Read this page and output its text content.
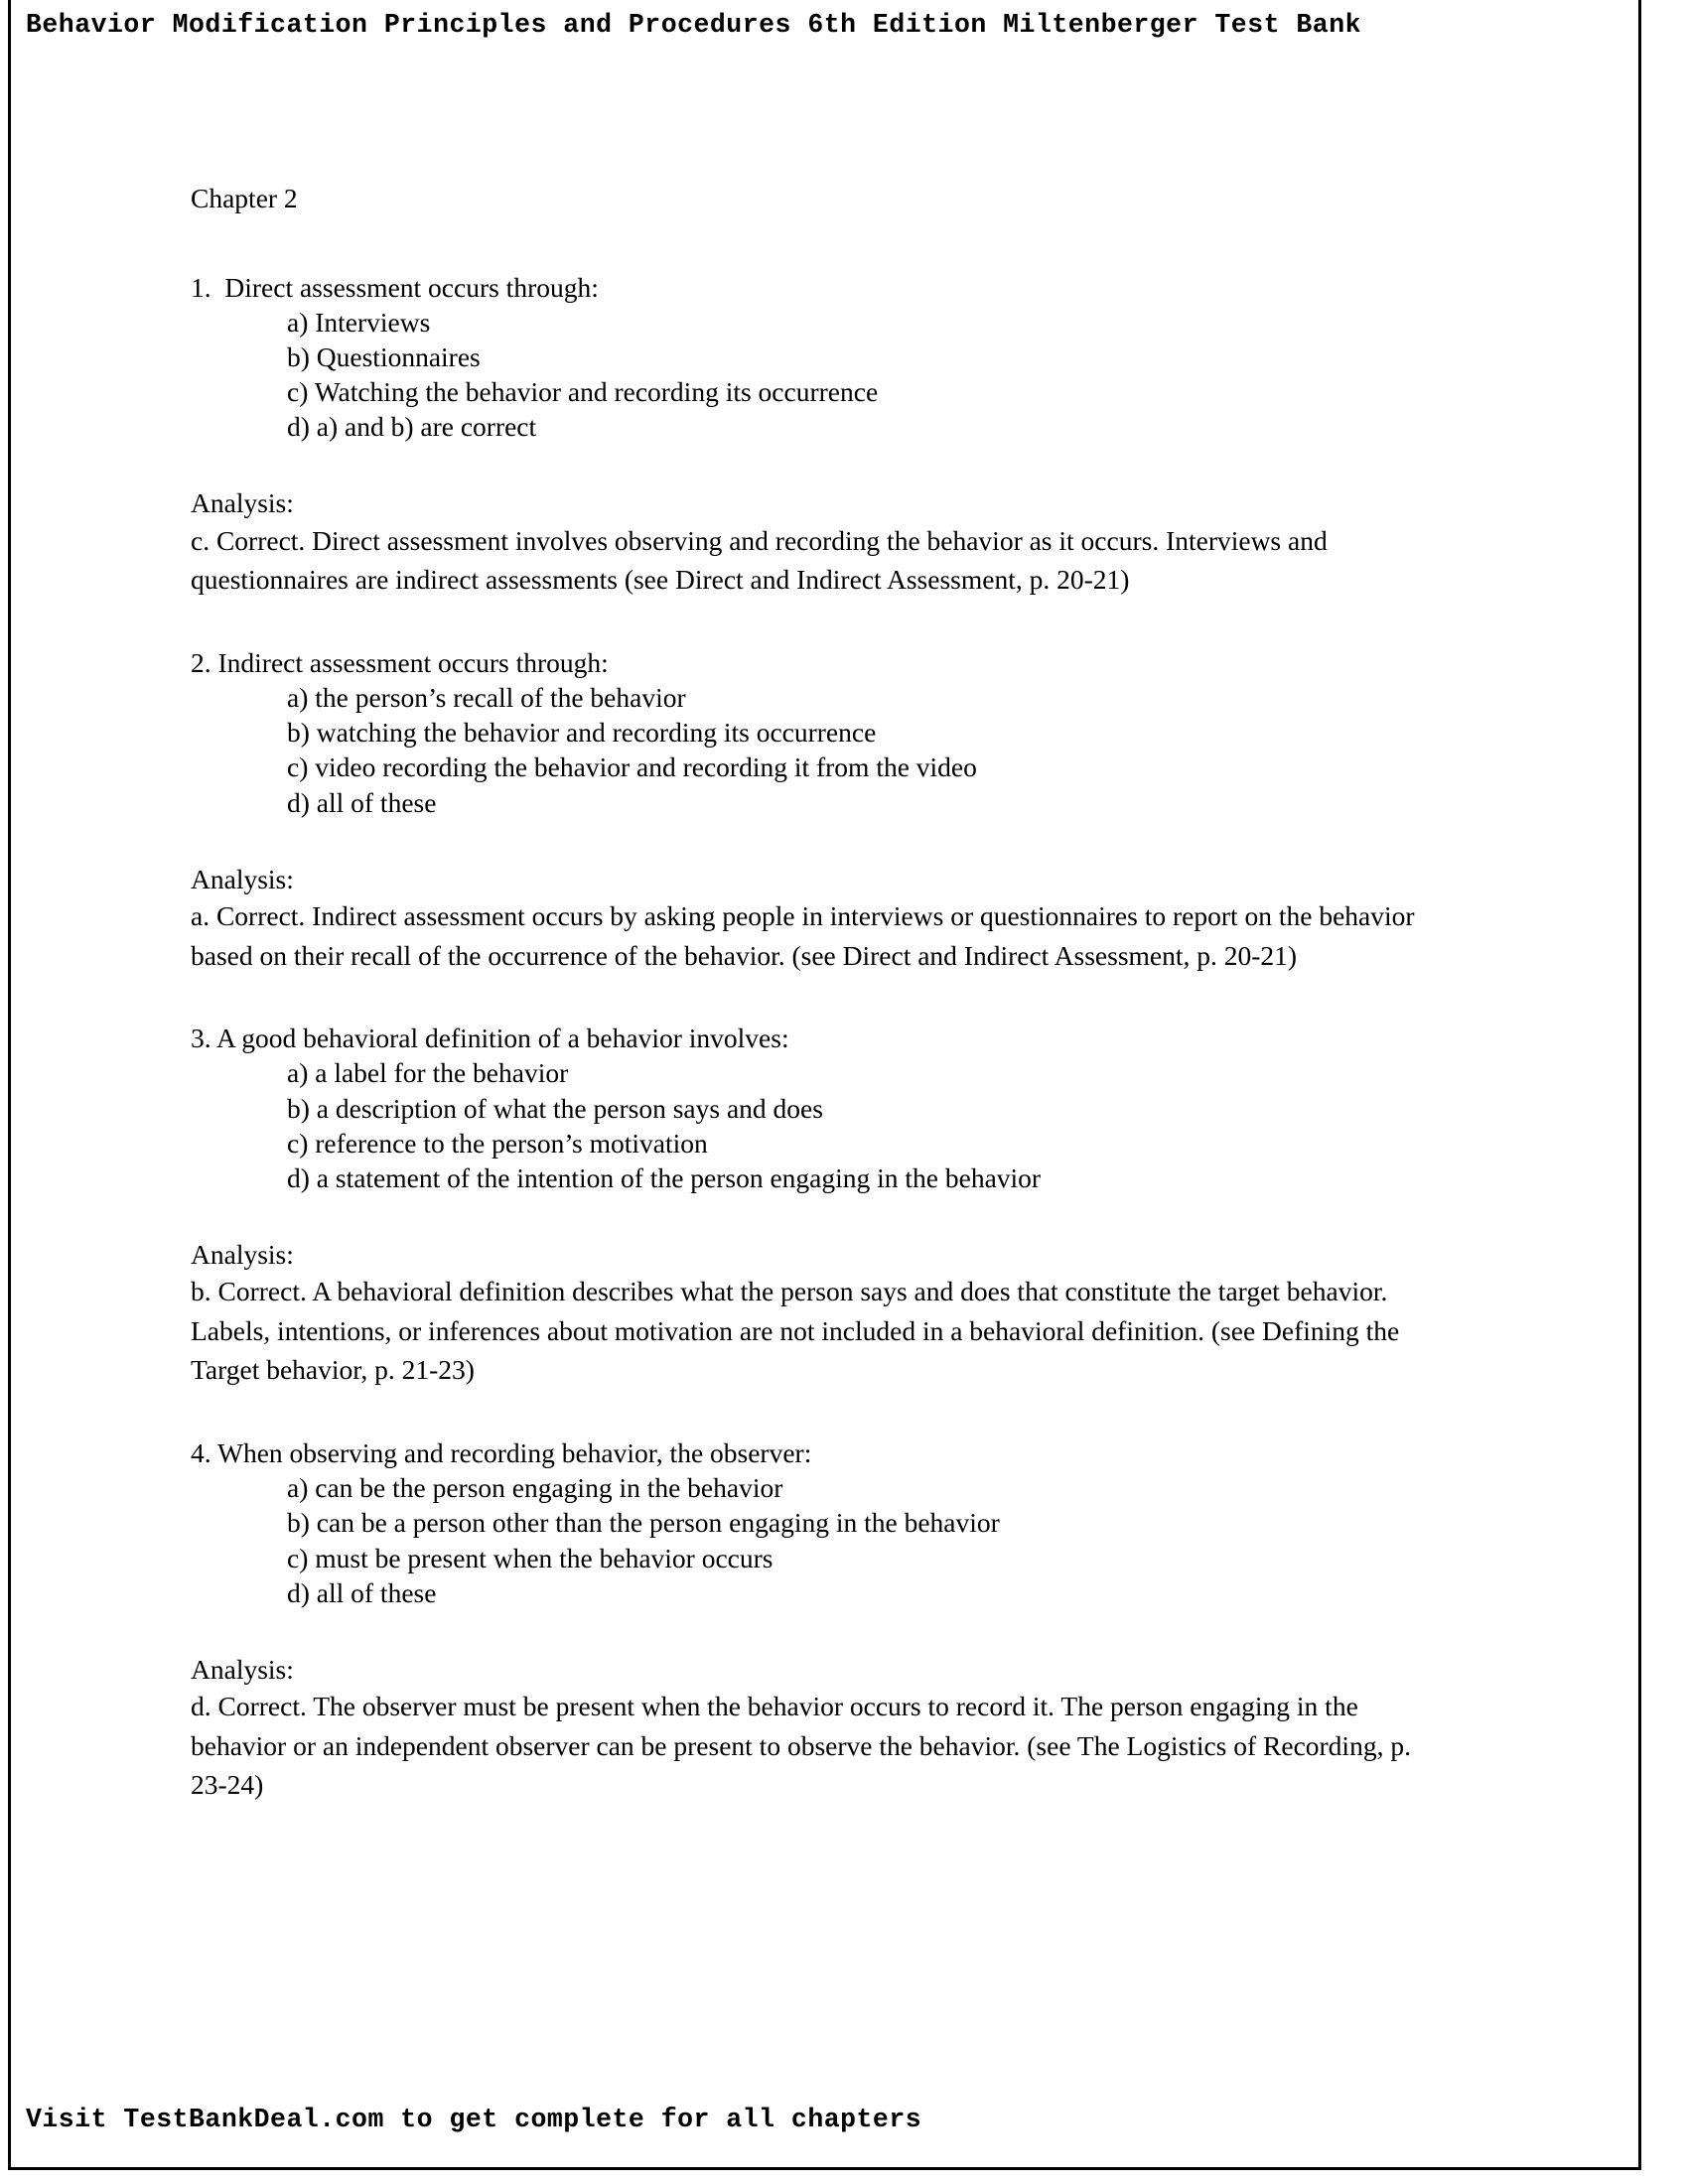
Behavior Modification Principles and Procedures 6th Edition Miltenberger Test Bank
Chapter 2

1.  Direct assessment occurs through:

a) Interviews
b) Questionnaires
c) Watching the behavior and recording its occurrence
d) a) and b) are correct

Analysis:

c. Correct. Direct assessment involves observing and recording the behavior as it occurs. Interviews and questionnaires are indirect assessments (see Direct and Indirect Assessment, p. 20-21)

2. Indirect assessment occurs through:

a) the person’s recall of the behavior
b) watching the behavior and recording its occurrence
c) video recording the behavior and recording it from the video
d) all of these

Analysis:

a. Correct. Indirect assessment occurs by asking people in interviews or questionnaires to report on the behavior based on their recall of the occurrence of the behavior. (see Direct and Indirect Assessment, p. 20-21)

3. A good behavioral definition of a behavior involves:

a) a label for the behavior
b) a description of what the person says and does
c) reference to the person’s motivation
d) a statement of the intention of the person engaging in the behavior

Analysis:

b. Correct. A behavioral definition describes what the person says and does that constitute the target behavior. Labels, intentions, or inferences about motivation are not included in a behavioral definition. (see Defining the Target behavior, p. 21-23)

4. When observing and recording behavior, the observer:

a) can be the person engaging in the behavior
b) can be a person other than the person engaging in the behavior
c) must be present when the behavior occurs
d) all of these

Analysis:

d. Correct. The observer must be present when the behavior occurs to record it. The person engaging in the behavior or an independent observer can be present to observe the behavior. (see The Logistics of Recording, p. 23-24)

Visit TestBankDeal.com to get complete for all chapters
